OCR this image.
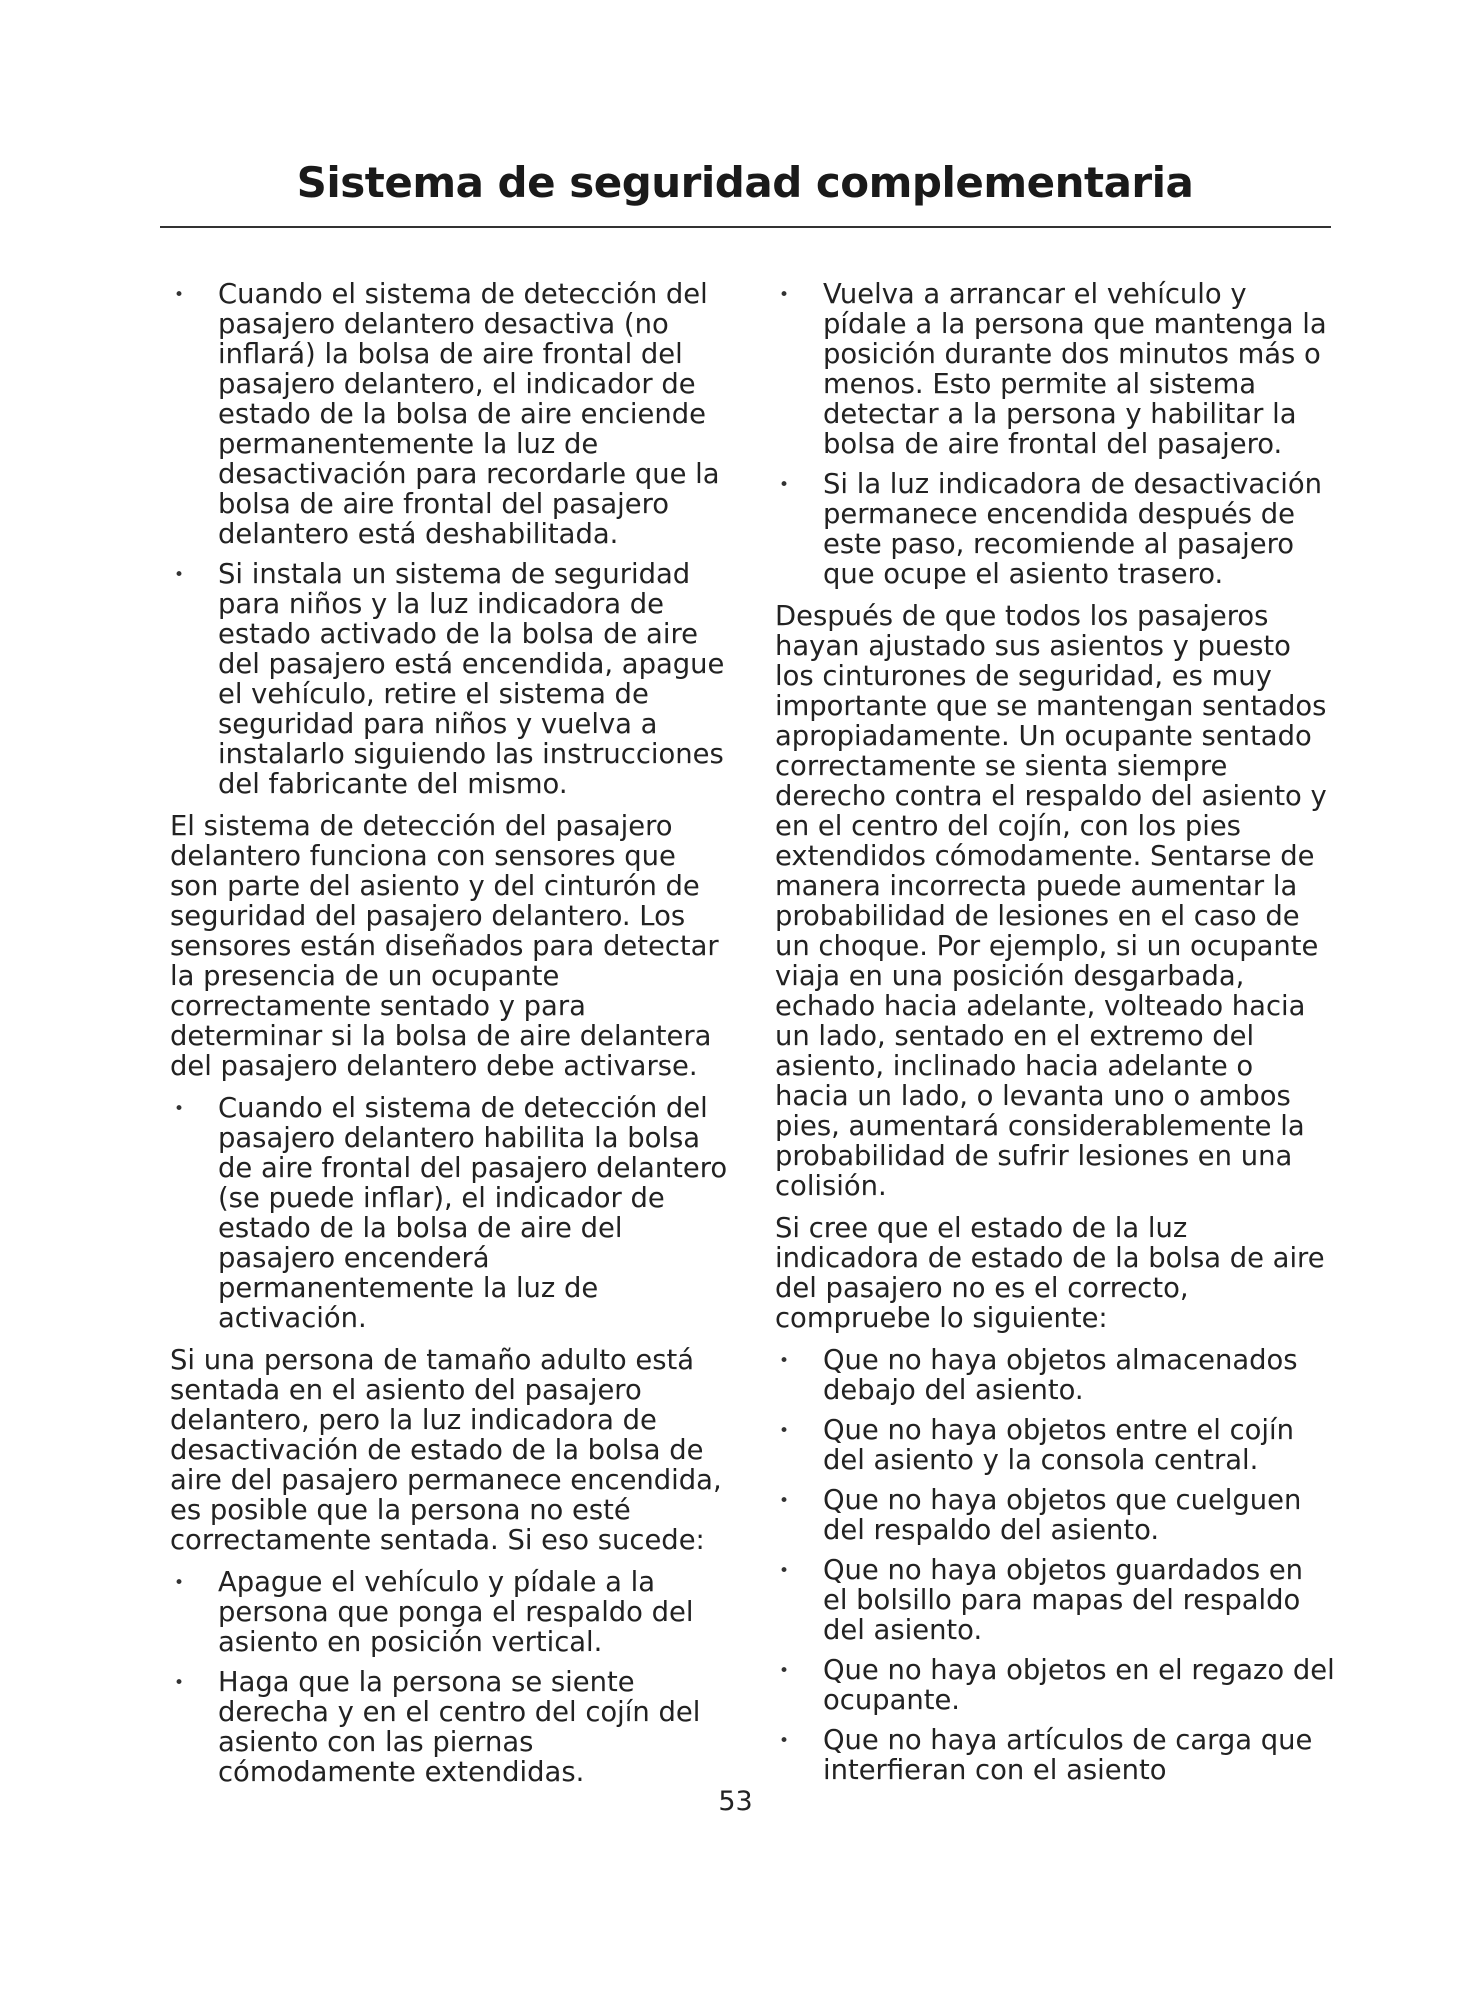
Sistema de seguridad complementaria
• Cuando el sistema de detección del pasajero delantero desactiva (no inflará) la bolsa de aire frontal del pasajero delantero, el indicador de estado de la bolsa de aire enciende permanentemente la luz de desactivación para recordarle que la bolsa de aire frontal del pasajero delantero está deshabilitada.
• Si instala un sistema de seguridad para niños y la luz indicadora de estado activado de la bolsa de aire del pasajero está encendida, apague el vehículo, retire el sistema de seguridad para niños y vuelva a instalarlo siguiendo las instrucciones del fabricante del mismo.

El sistema de detección del pasajero delantero funciona con sensores que son parte del asiento y del cinturón de seguridad del pasajero delantero. Los sensores están diseñados para detectar la presencia de un ocupante correctamente sentado y para determinar si la bolsa de aire delantera del pasajero delantero debe activarse.

• Cuando el sistema de detección del pasajero delantero habilita la bolsa de aire frontal del pasajero delantero (se puede inflar), el indicador de estado de la bolsa de aire del pasajero encenderá permanentemente la luz de activación.

Si una persona de tamaño adulto está sentada en el asiento del pasajero delantero, pero la luz indicadora de desactivación de estado de la bolsa de aire del pasajero permanece encendida, es posible que la persona no esté correctamente sentada. Si eso sucede:

• Apague el vehículo y pídale a la persona que ponga el respaldo del asiento en posición vertical.
• Haga que la persona se siente derecha y en el centro del cojín del asiento con las piernas cómodamente extendidas.
• Vuelva a arrancar el vehículo y pídale a la persona que mantenga la posición durante dos minutos más o menos. Esto permite al sistema detectar a la persona y habilitar la bolsa de aire frontal del pasajero.
• Si la luz indicadora de desactivación permanece encendida después de este paso, recomiende al pasajero que ocupe el asiento trasero.

Después de que todos los pasajeros hayan ajustado sus asientos y puesto los cinturones de seguridad, es muy importante que se mantengan sentados apropiadamente. Un ocupante sentado correctamente se sienta siempre derecho contra el respaldo del asiento y en el centro del cojín, con los pies extendidos cómodamente. Sentarse de manera incorrecta puede aumentar la probabilidad de lesiones en el caso de un choque. Por ejemplo, si un ocupante viaja en una posición desgarbada, echado hacia adelante, volteado hacia un lado, sentado en el extremo del asiento, inclinado hacia adelante o hacia un lado, o levanta uno o ambos pies, aumentará considerablemente la probabilidad de sufrir lesiones en una colisión.

Si cree que el estado de la luz indicadora de estado de la bolsa de aire del pasajero no es el correcto, compruebe lo siguiente:

• Que no haya objetos almacenados debajo del asiento.
• Que no haya objetos entre el cojín del asiento y la consola central.
• Que no haya objetos que cuelguen del respaldo del asiento.
• Que no haya objetos guardados en el bolsillo para mapas del respaldo del asiento.
• Que no haya objetos en el regazo del ocupante.
• Que no haya artículos de carga que interfieran con el asiento
53
